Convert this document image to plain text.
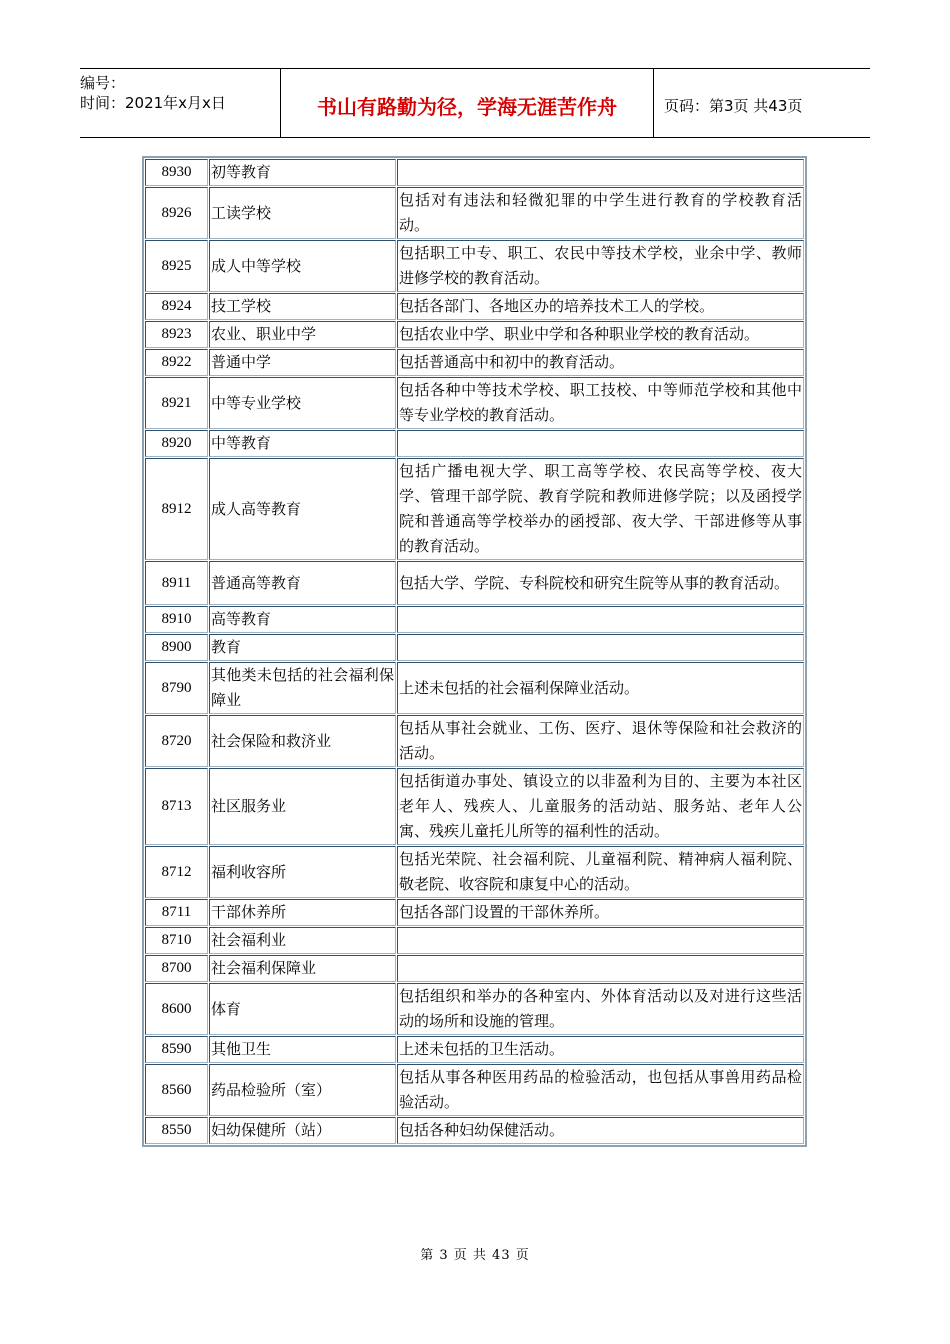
编号：
时间：2021年x月x日	书山有路勤为径，学海无涯苦作舟	页码：第3页 共43页
8930	初等教育	
8926	工读学校	包括对有违法和轻微犯罪的中学生进行教育的学校教育活动。
8925	成人中等学校	包括职工中专、职工、农民中等技术学校，业余中学、教师进修学校的教育活动。
8924	技工学校	包括各部门、各地区办的培养技术工人的学校。
8923	农业、职业中学	包括农业中学、职业中学和各种职业学校的教育活动。
8922	普通中学	包括普通高中和初中的教育活动。
8921	中等专业学校	包括各种中等技术学校、职工技校、中等师范学校和其他中等专业学校的教育活动。
8920	中等教育	
8912	成人高等教育	包括广播电视大学、职工高等学校、农民高等学校、夜大学、管理干部学院、教育学院和教师进修学院；以及函授学院和普通高等学校举办的函授部、夜大学、干部进修等从事的教育活动。
8911	普通高等教育	包括大学、学院、专科院校和研究生院等从事的教育活动。
8910	高等教育	
8900	教育	
8790	其他类未包括的社会福利保障业	上述未包括的社会福利保障业活动。
8720	社会保险和救济业	包括从事社会就业、工伤、医疗、退休等保险和社会救济的活动。
8713	社区服务业	包括街道办事处、镇设立的以非盈利为目的、主要为本社区老年人、残疾人、儿童服务的活动站、服务站、老年人公寓、残疾儿童托儿所等的福利性的活动。
8712	福利收容所	包括光荣院、社会福利院、儿童福利院、精神病人福利院、敬老院、收容院和康复中心的活动。
8711	干部休养所	包括各部门设置的干部休养所。
8710	社会福利业	
8700	社会福利保障业	
8600	体育	包括组织和举办的各种室内、外体育活动以及对进行这些活动的场所和设施的管理。
8590	其他卫生	上述未包括的卫生活动。
8560	药品检验所（室）	包括从事各种医用药品的检验活动，也包括从事兽用药品检验活动。
8550	妇幼保健所（站）	包括各种妇幼保健活动。
第 3 页 共 43 页
